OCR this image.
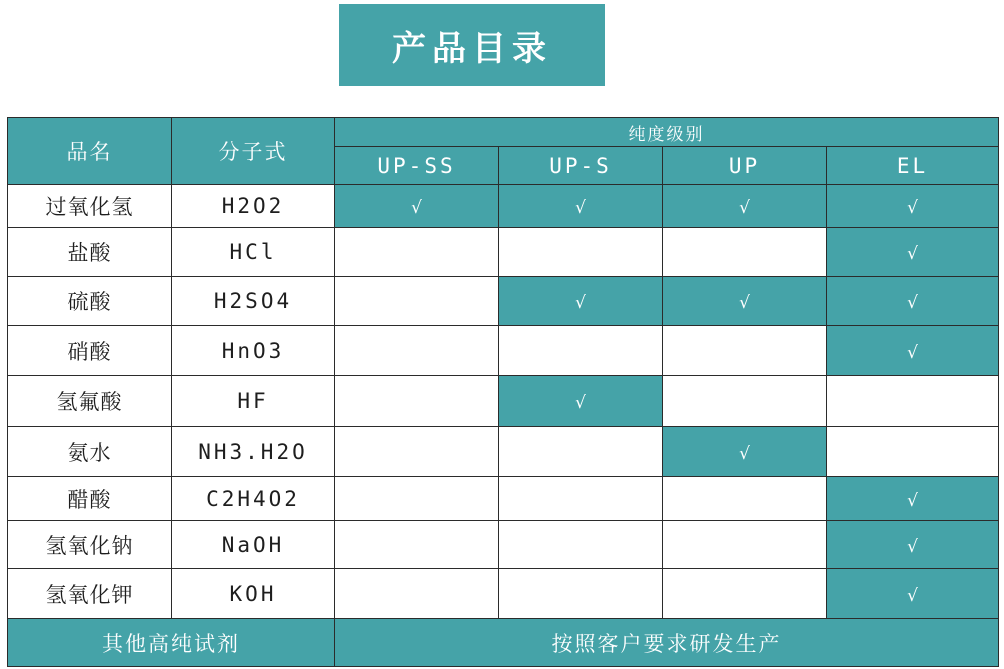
产品目录
品名	分子式	纯度级别			
		UP-SS	UP-S	UP	EL
过氧化氢	H2O2	√	√	√	√
盐酸	HCl				√
硫酸	H2SO4		√	√	√
硝酸	HnO3				√
氢氟酸	HF		√		
氨水	NH3.H2O			√	
醋酸	C2H4O2				√
氢氧化钠	NaOH				√
氢氧化钾	KOH				√
其他高纯试剂		按照客户要求研发生产			
